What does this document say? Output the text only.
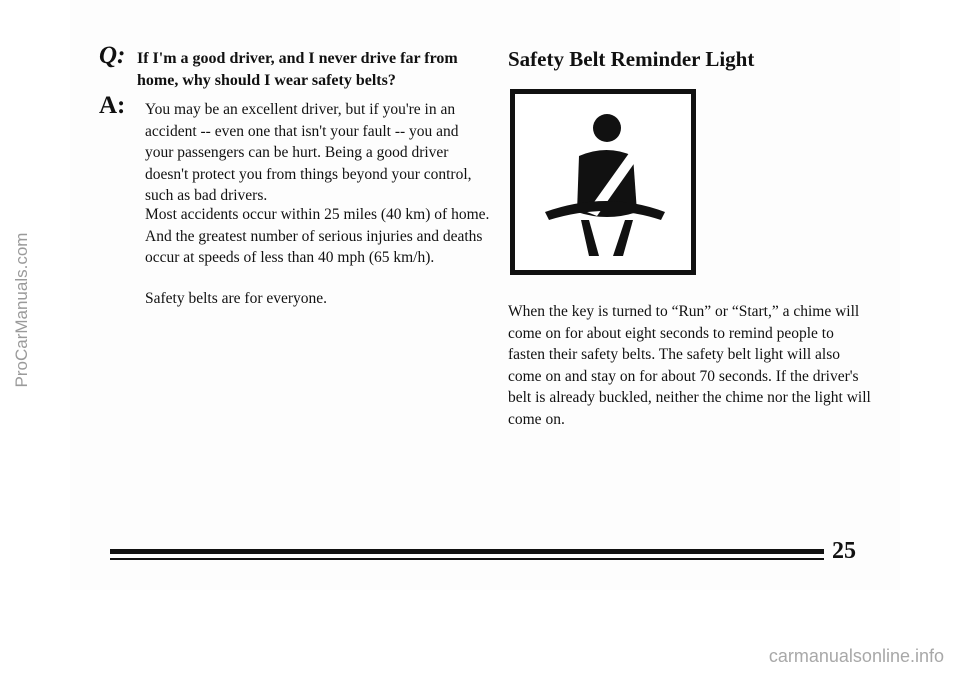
ProCarManuals.com
Q: If I'm a good driver, and I never drive far from home, why should I wear safety belts?
A: You may be an excellent driver, but if you're in an accident -- even one that isn't your fault -- you and your passengers can be hurt. Being a good driver doesn't protect you from things beyond your control, such as bad drivers.

Most accidents occur within 25 miles (40 km) of home. And the greatest number of serious injuries and deaths occur at speeds of less than 40 mph (65 km/h).

Safety belts are for everyone.

Safety Belt Reminder Light

When the key is turned to “Run” or “Start,” a chime will come on for about eight seconds to remind people to fasten their safety belts. The safety belt light will also come on and stay on for about 70 seconds. If the driver's belt is already buckled, neither the chime nor the light will come on.

25
carmanualsonline.info
